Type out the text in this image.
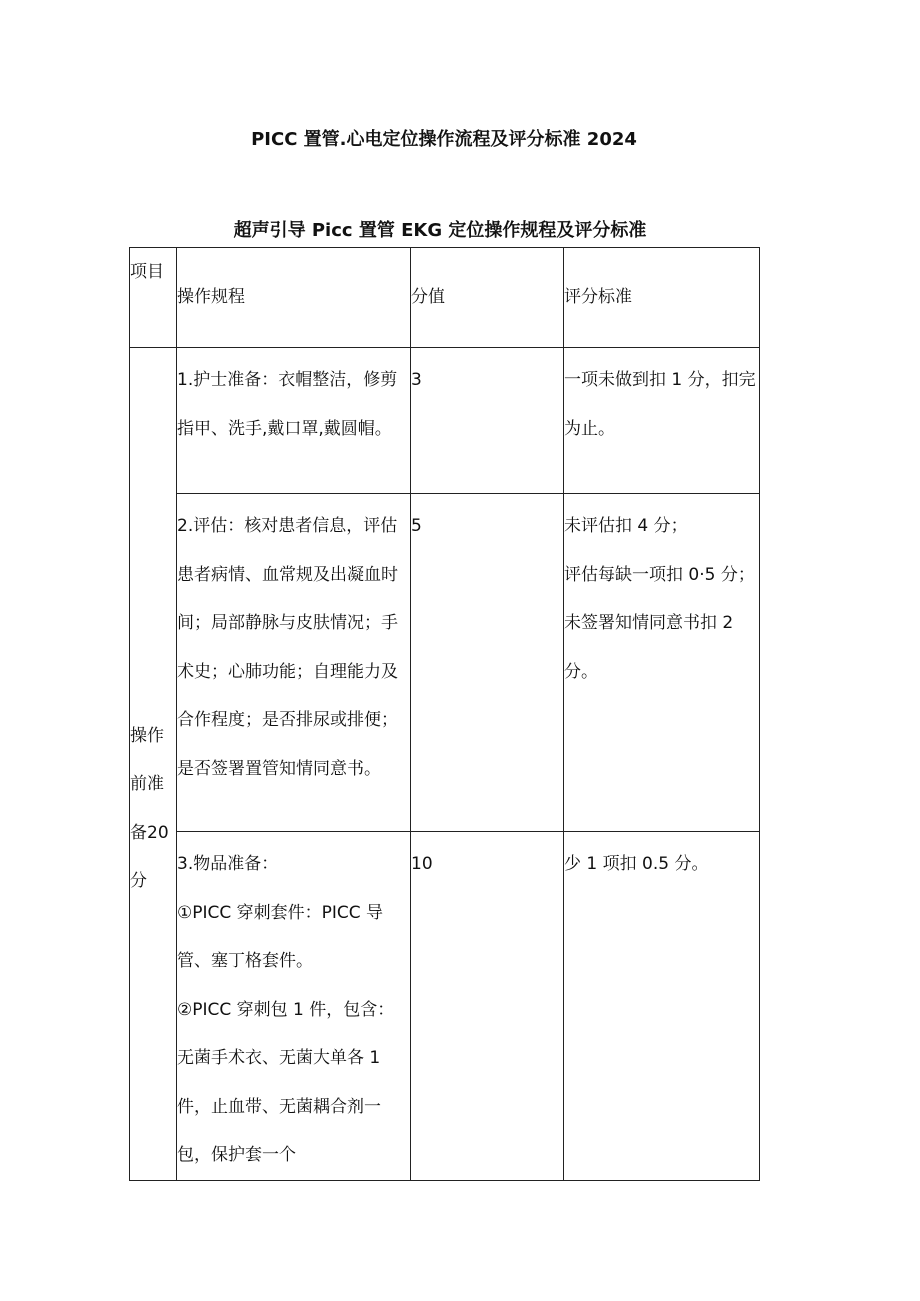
PICC 置管.心电定位操作流程及评分标准 2024
超声引导 Picc 置管 EKG 定位操作规程及评分标准
项目	操作规程	分值	评分标准

操作前准备20分	1.护士准备：衣帽整洁，修剪指甲、洗手,戴口罩,戴圆帽。	3	一项未做到扣 1 分，扣完为止。

	2.评估：核对患者信息，评估患者病情、血常规及出凝血时间；局部静脉与皮肤情况；手术史；心肺功能；自理能力及合作程度；是否排尿或排便；是否签署置管知情同意书。	5	未评估扣 4 分；
评估每缺一项扣 0·5 分；
未签署知情同意书扣 2 分。

	3.物品准备：
①PICC 穿刺套件：PICC 导管、塞丁格套件。
②PICC 穿刺包 1 件，包含：无菌手术衣、无菌大单各 1 件，止血带、无菌耦合剂一包，保护套一个	10	少 1 项扣 0.5 分。
